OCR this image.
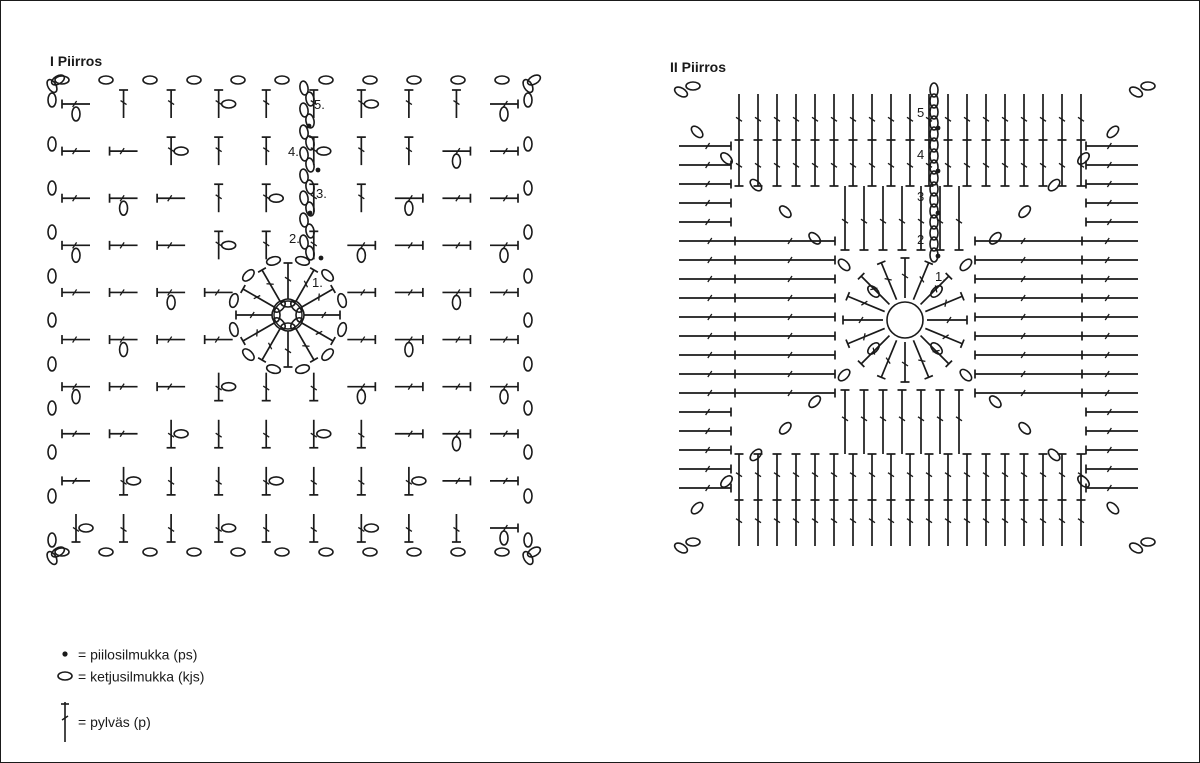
I Piirros	II Piirros
1.
2.
3.
4.
5.
1.
2
3
4
5
= piilosilmukka (ps)
= ketjusilmukka (kjs)
= pylväs (p)
